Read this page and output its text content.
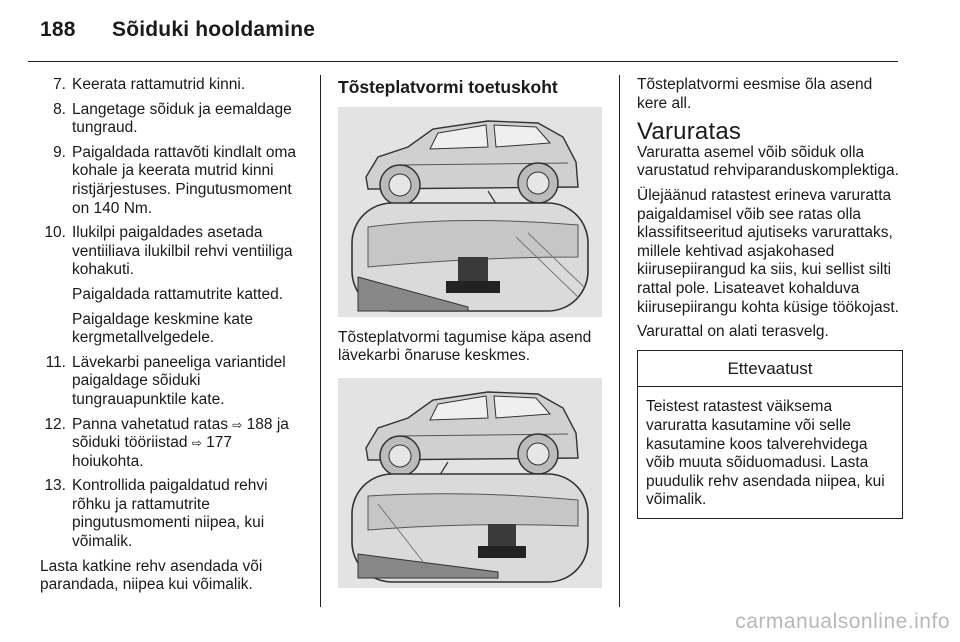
188 Sõiduki hooldamine
7. Keerata rattamutrid kinni.
8. Langetage sõiduk ja eemaldage tungraud.
9. Paigaldada rattavõti kindlalt oma kohale ja keerata mutrid kinni ristjärjestuses. Pingutusmoment on 140 Nm.
10. Ilukilpi paigaldades asetada ventiiliava ilukilbil rehvi ventiiliga kohakuti.
Paigaldada rattamutrite katted.
Paigaldage keskmine kate kergmetallvelgedele.
11. Lävekarbi paneeliga variantidel paigaldage sõiduki tungrauapunktile kate.
12. Panna vahetatud ratas ⇨ 188 ja sõiduki tööriistad ⇨ 177 hoiukohta.
13. Kontrollida paigaldatud rehvi rõhku ja rattamutrite pingutusmomenti niipea, kui võimalik.
Lasta katkine rehv asendada või parandada, niipea kui võimalik.
Tõsteplatvormi toetuskoht
Tõsteplatvormi tagumise käpa asend lävekarbi õnaruse keskmes.
Tõsteplatvormi eesmise õla asend kere all.
Varuratas
Varuratta asemel võib sõiduk olla varustatud rehviparanduskomplektiga.
Ülejäänud ratastest erineva varuratta paigaldamisel võib see ratas olla klassifitseeritud ajutiseks varurattaks, millele kehtivad asjakohased kiirusepiirangud ka siis, kui sellist silti rattal pole. Lisateavet kohalduva kiirusepiirangu kohta küsige töökojast.
Varurattal on alati terasvelg.
Ettevaatust
Teistest ratastest väiksema varuratta kasutamine või selle kasutamine koos talverehvidega võib muuta sõiduomadusi. Lasta puudulik rehv asendada niipea, kui võimalik.
carmanualsonline.info
